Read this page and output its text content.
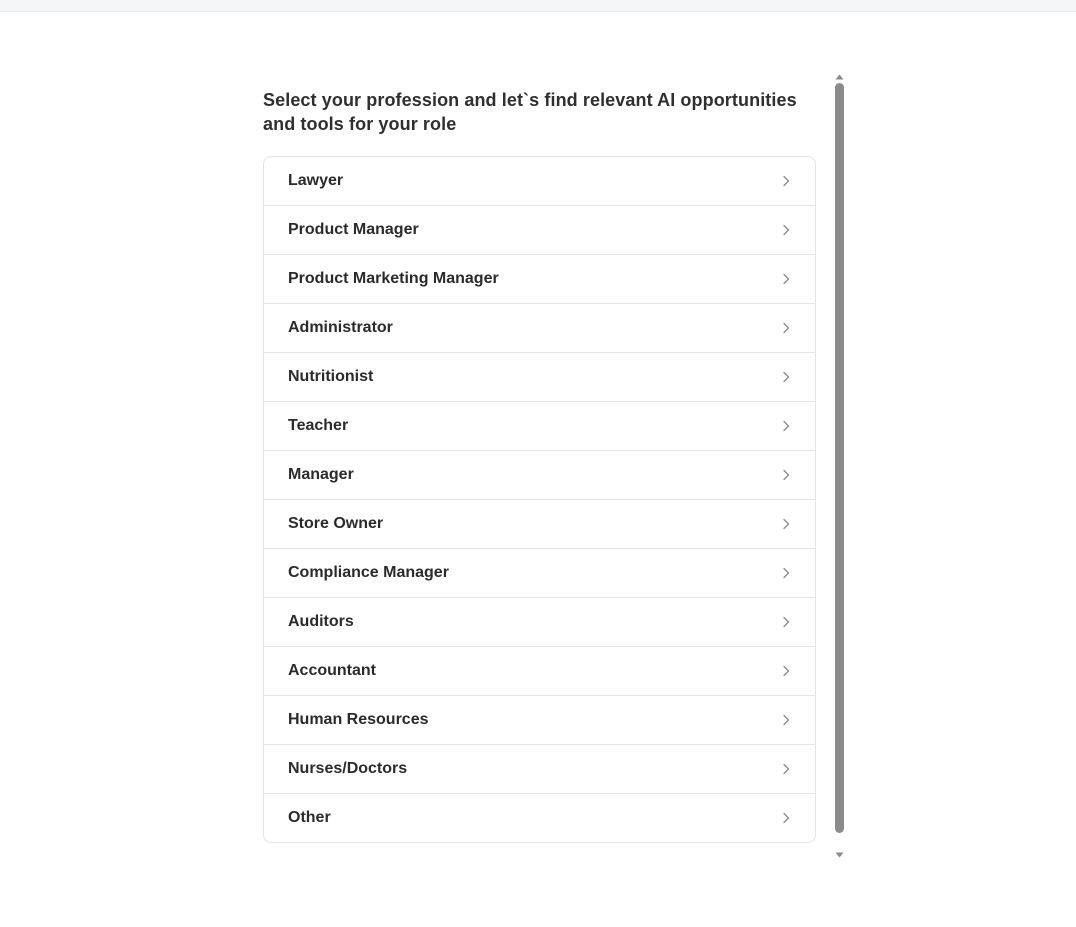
Select your profession and let`s find relevant AI opportunities and tools for your role
Lawyer
Product Manager
Product Marketing Manager
Administrator
Nutritionist
Teacher
Manager
Store Owner
Compliance Manager
Auditors
Accountant
Human Resources
Nurses/Doctors
Other
